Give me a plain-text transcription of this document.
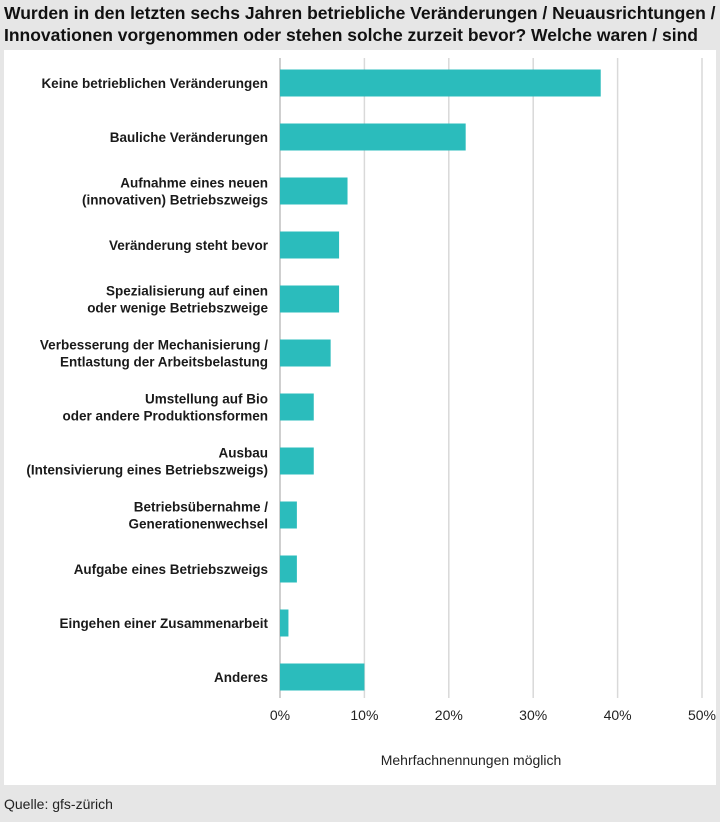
Wurden in den letzten sechs Jahren betriebliche Veränderungen / Neuausrichtungen / Innovationen vorgenommen oder stehen solche zurzeit bevor? Welche waren / sind
0%	10%	20%	30%	40%	50%
Keine betrieblichen Veränderungen
Bauliche Veränderungen
Aufnahme eines neuen (innovativen) Betriebszweigs
Veränderung steht bevor
Spezialisierung auf einen oder wenige Betriebszweige
Verbesserung der Mechanisierung / Entlastung der Arbeitsbelastung
Umstellung auf Bio oder andere Produktionsformen
Ausbau (Intensivierung eines Betriebszweigs)
Betriebsübernahme / Generationenwechsel
Aufgabe eines Betriebszweigs
Eingehen einer Zusammenarbeit
Anderes
Mehrfachnennungen möglich
Quelle: gfs-zürich
